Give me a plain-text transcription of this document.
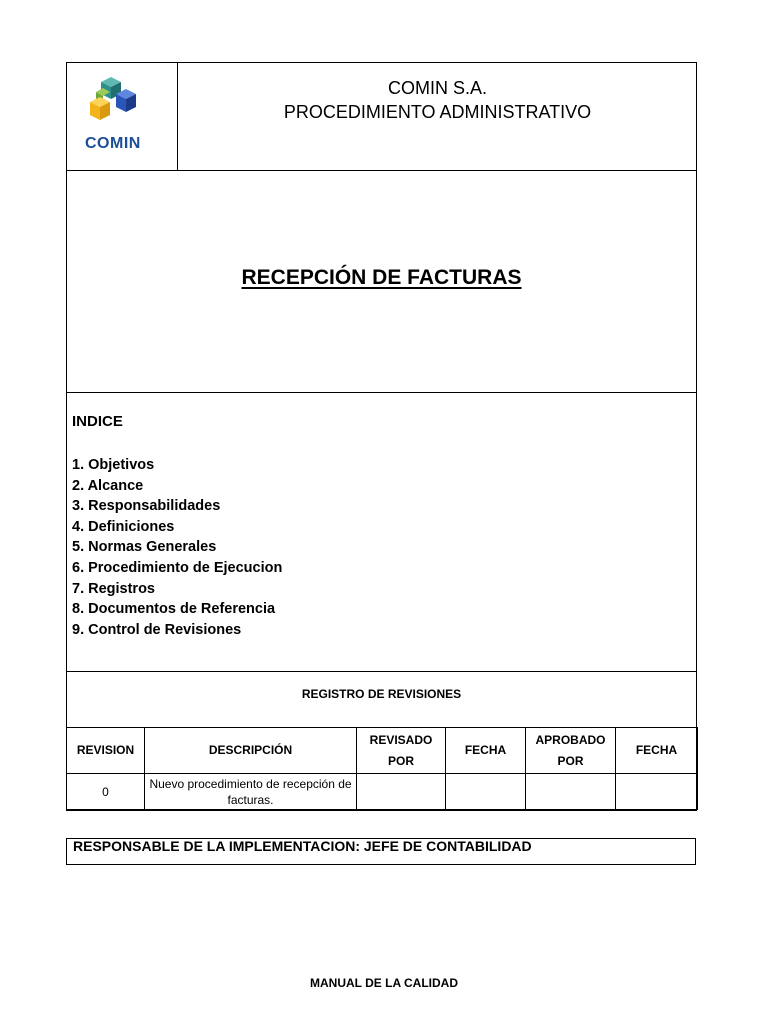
COMIN
COMIN S.A.
PROCEDIMIENTO ADMINISTRATIVO
RECEPCIÓN DE FACTURAS
INDICE
1. Objetivos
2. Alcance
3. Responsabilidades
4. Definiciones
5. Normas Generales
6. Procedimiento de Ejecucion
7. Registros
8. Documentos de Referencia
9. Control de Revisiones
REGISTRO DE REVISIONES
REVISION	DESCRIPCIÓN	REVISADO POR	FECHA	APROBADO POR	FECHA
0	Nuevo procedimiento de recepción de facturas.				
RESPONSABLE DE LA IMPLEMENTACION: JEFE DE CONTABILIDAD
MANUAL DE LA CALIDAD
